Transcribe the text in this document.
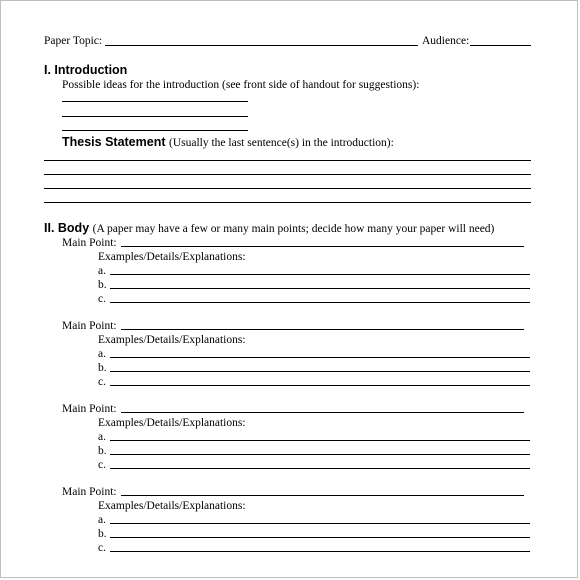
Paper Topic:	Audience:
I. Introduction
Possible ideas for the introduction (see front side of handout for suggestions):
Thesis Statement (Usually the last sentence(s) in the introduction):
II. Body (A paper may have a few or many main points; decide how many your paper will need)
Main Point:
Examples/Details/Explanations:
a.
b.
c.
Main Point:
Examples/Details/Explanations:
a.
b.
c.
Main Point:
Examples/Details/Explanations:
a.
b.
c.
Main Point:
Examples/Details/Explanations:
a.
b.
c.
